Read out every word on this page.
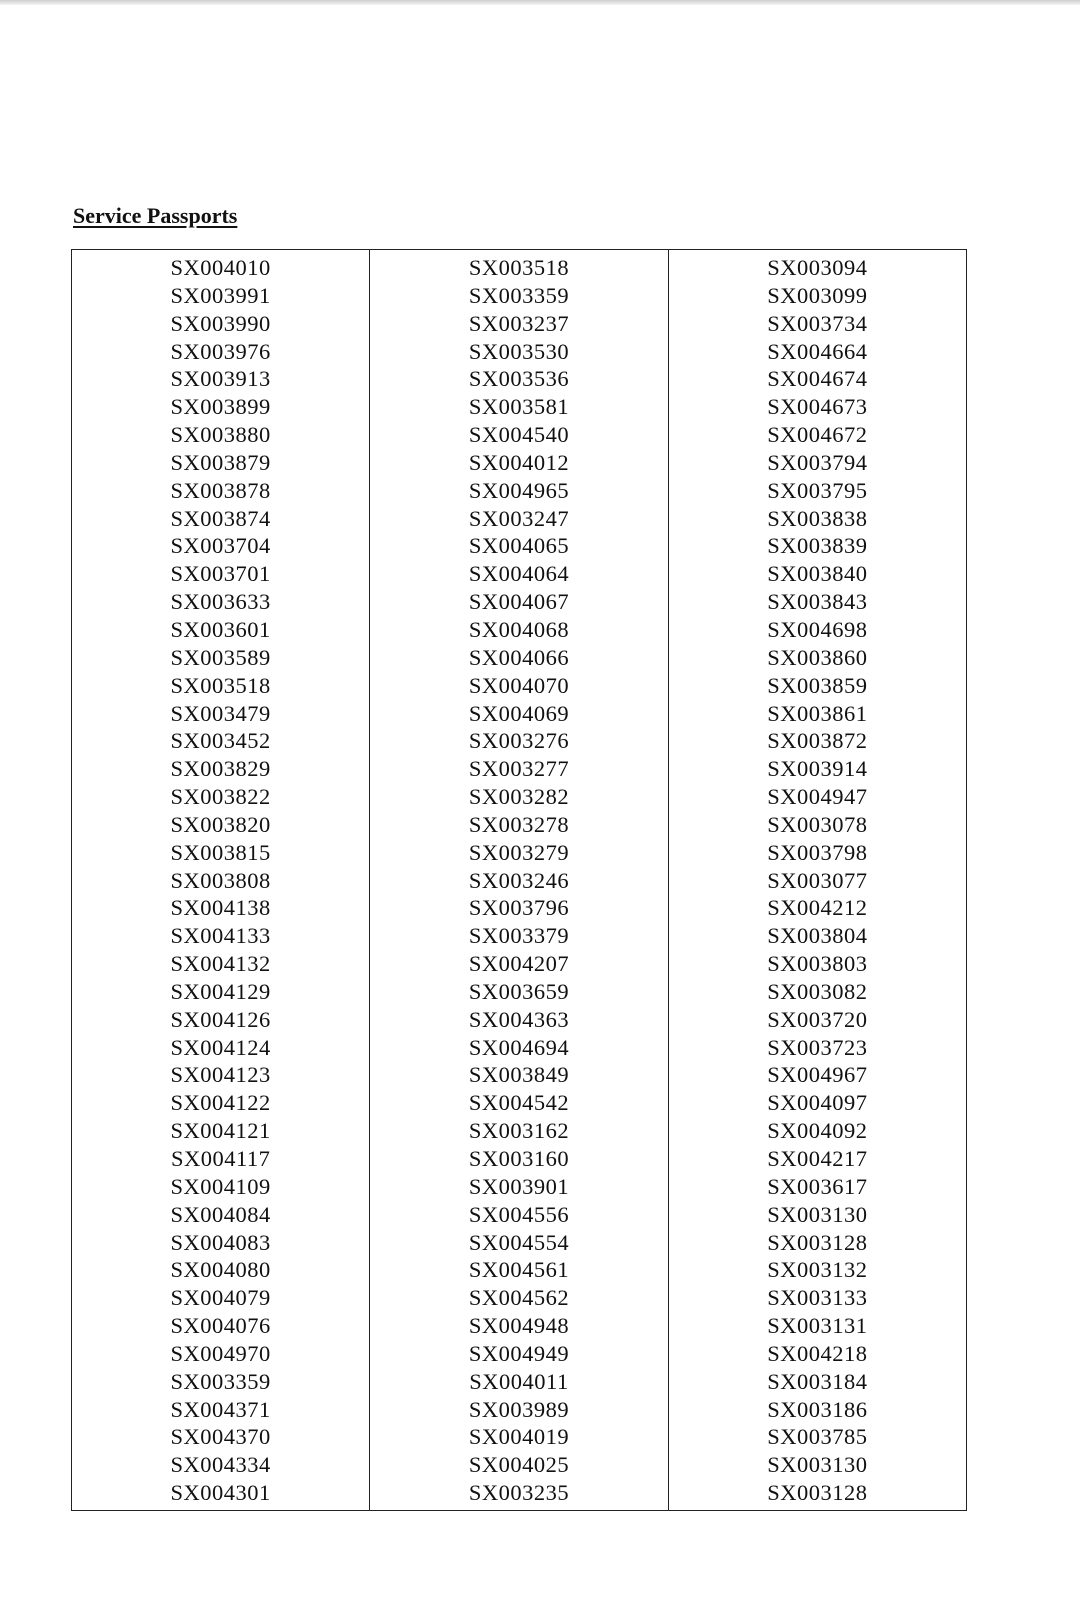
Service Passports
SX004010
SX003991
SX003990
SX003976
SX003913
SX003899
SX003880
SX003879
SX003878
SX003874
SX003704
SX003701
SX003633
SX003601
SX003589
SX003518
SX003479
SX003452
SX003829
SX003822
SX003820
SX003815
SX003808
SX004138
SX004133
SX004132
SX004129
SX004126
SX004124
SX004123
SX004122
SX004121
SX004117
SX004109
SX004084
SX004083
SX004080
SX004079
SX004076
SX004970
SX003359
SX004371
SX004370
SX004334
SX004301
SX003518
SX003359
SX003237
SX003530
SX003536
SX003581
SX004540
SX004012
SX004965
SX003247
SX004065
SX004064
SX004067
SX004068
SX004066
SX004070
SX004069
SX003276
SX003277
SX003282
SX003278
SX003279
SX003246
SX003796
SX003379
SX004207
SX003659
SX004363
SX004694
SX003849
SX004542
SX003162
SX003160
SX003901
SX004556
SX004554
SX004561
SX004562
SX004948
SX004949
SX004011
SX003989
SX004019
SX004025
SX003235
SX003094
SX003099
SX003734
SX004664
SX004674
SX004673
SX004672
SX003794
SX003795
SX003838
SX003839
SX003840
SX003843
SX004698
SX003860
SX003859
SX003861
SX003872
SX003914
SX004947
SX003078
SX003798
SX003077
SX004212
SX003804
SX003803
SX003082
SX003720
SX003723
SX004967
SX004097
SX004092
SX004217
SX003617
SX003130
SX003128
SX003132
SX003133
SX003131
SX004218
SX003184
SX003186
SX003785
SX003130
SX003128
